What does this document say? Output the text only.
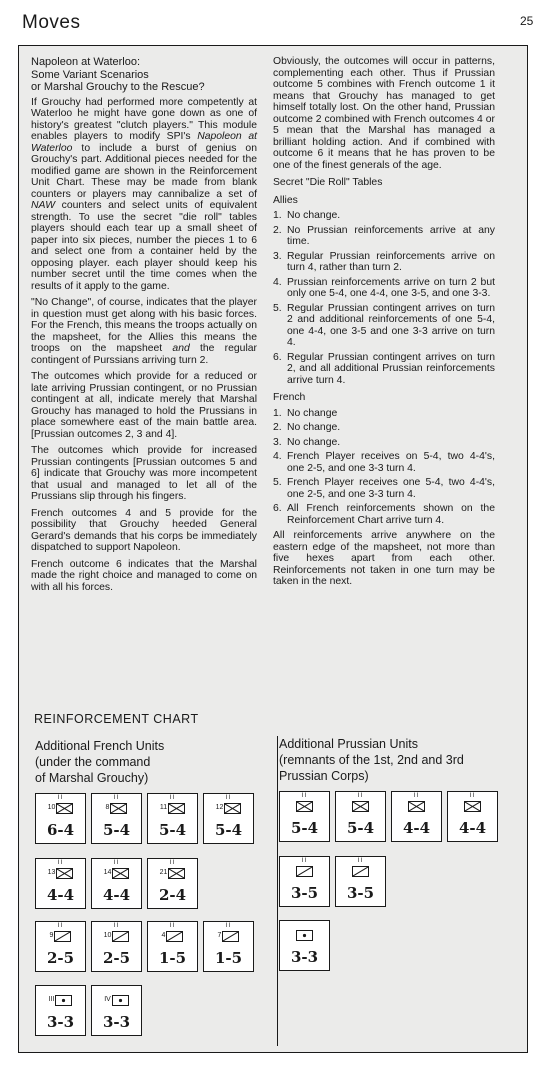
Moves	25
Napoleon at Waterloo:
Some Variant Scenarios
or Marshal Grouchy to the Rescue?

If Grouchy had performed more competently at Waterloo he might have gone down as one of history's greatest "clutch players." This module enables players to modify SPI's Napoleon at Waterloo to include a burst of genius on Grouchy's part. Additional pieces needed for the modified game are shown in the Reinforcement Unit Chart. These may be made from blank counters or players may cannibalize a set of NAW counters and select units of equivalent strength. To use the secret "die roll" tables players should each tear up a small sheet of paper into six pieces, number the pieces 1 to 6 and select one from a container held by the opposing player. each player should keep his number secret until the time comes when the results of it apply to the game.

"No Change", of course, indicates that the player in question must get along with his basic forces. For the French, this means the troops actually on the mapsheet, for the Allies this means the troops on the mapsheet and the regular contingent of Purssians arriving turn 2.

The outcomes which provide for a reduced or late arriving Prussian contingent, or no Prussian contingent at all, indicate merely that Marshal Grouchy has managed to hold the Prussians in place somewhere east of the main battle area. [Prussian outcomes 2, 3 and 4].

The outcomes which provide for increased Prussian contingents [Prussian outcomes 5 and 6] indicate that Grouchy was more incompetent that usual and managed to let all of the Prussians slip through his fingers.

French outcomes 4 and 5 provide for the possibility that Grouchy heeded General Gerard's demands that his corps be immediately dispatched to support Napoleon.

French outcome 6 indicates that the Marshal made the right choice and managed to come on with all his forces.

Obviously, the outcomes will occur in patterns, complementing each other. Thus if Prussian outcome 5 combines with French outcome 1 it means that Grouchy has managed to get himself totally lost. On the other hand, Prussian outcome 2 combined with French outcomes 4 or 5 mean that the Marshal has managed a brilliant holding action. And if combined with outcome 6 it means that he has proven to be one of the finest generals of the age.

Secret "Die Roll" Tables
Allies
1. No change.
2. No Prussian reinforcements arrive at any time.
3. Regular Prussian reinforcements arrive on turn 4, rather than turn 2.
4. Prussian reinforcements arrive on turn 2 but only one 5-4, one 4-4, one 3-5, and one 3-3.
5. Regular Prussian contingent arrives on turn 2 and additional reinforcements of one 5-4, one 4-4, one 3-5 and one 3-3 arrive on turn 4.
6. Regular Prussian contingent arrives on turn 2, and all additional Prussian reinforcements arrive turn 4.
French
1. No change
2. No change.
3. No change.
4. French Player receives on 5-4, two 4-4's, one 2-5, and one 3-3 turn 4.
5. French Player receives one 5-4, two 4-4's, one 2-5, and one 3-3 turn 4.
6. All French reinforcements shown on the Reinforcement Chart arrive turn 4.

All reinforcements arrive anywhere on the eastern edge of the mapsheet, not more than five hexes apart from each other. Reinforcements not taken in one turn may be taken in the next.

REINFORCEMENT CHART
Additional French Units
(under the command
of Marshal Grouchy)
Additional Prussian Units
(remnants of the 1st, 2nd and 3rd
Prussian Corps)
II
10
6-4
II
8
5-4
II
11
5-4
II
12
5-4
II
13
4-4
II
14
4-4
II
21
2-4
II
9
2-5
II
10
2-5
II
4
1-5
II
7
1-5
III
3-3
IV
3-3
II
5-4
II
5-4
II
4-4
II
4-4
II
3-5
II
3-5
3-3
